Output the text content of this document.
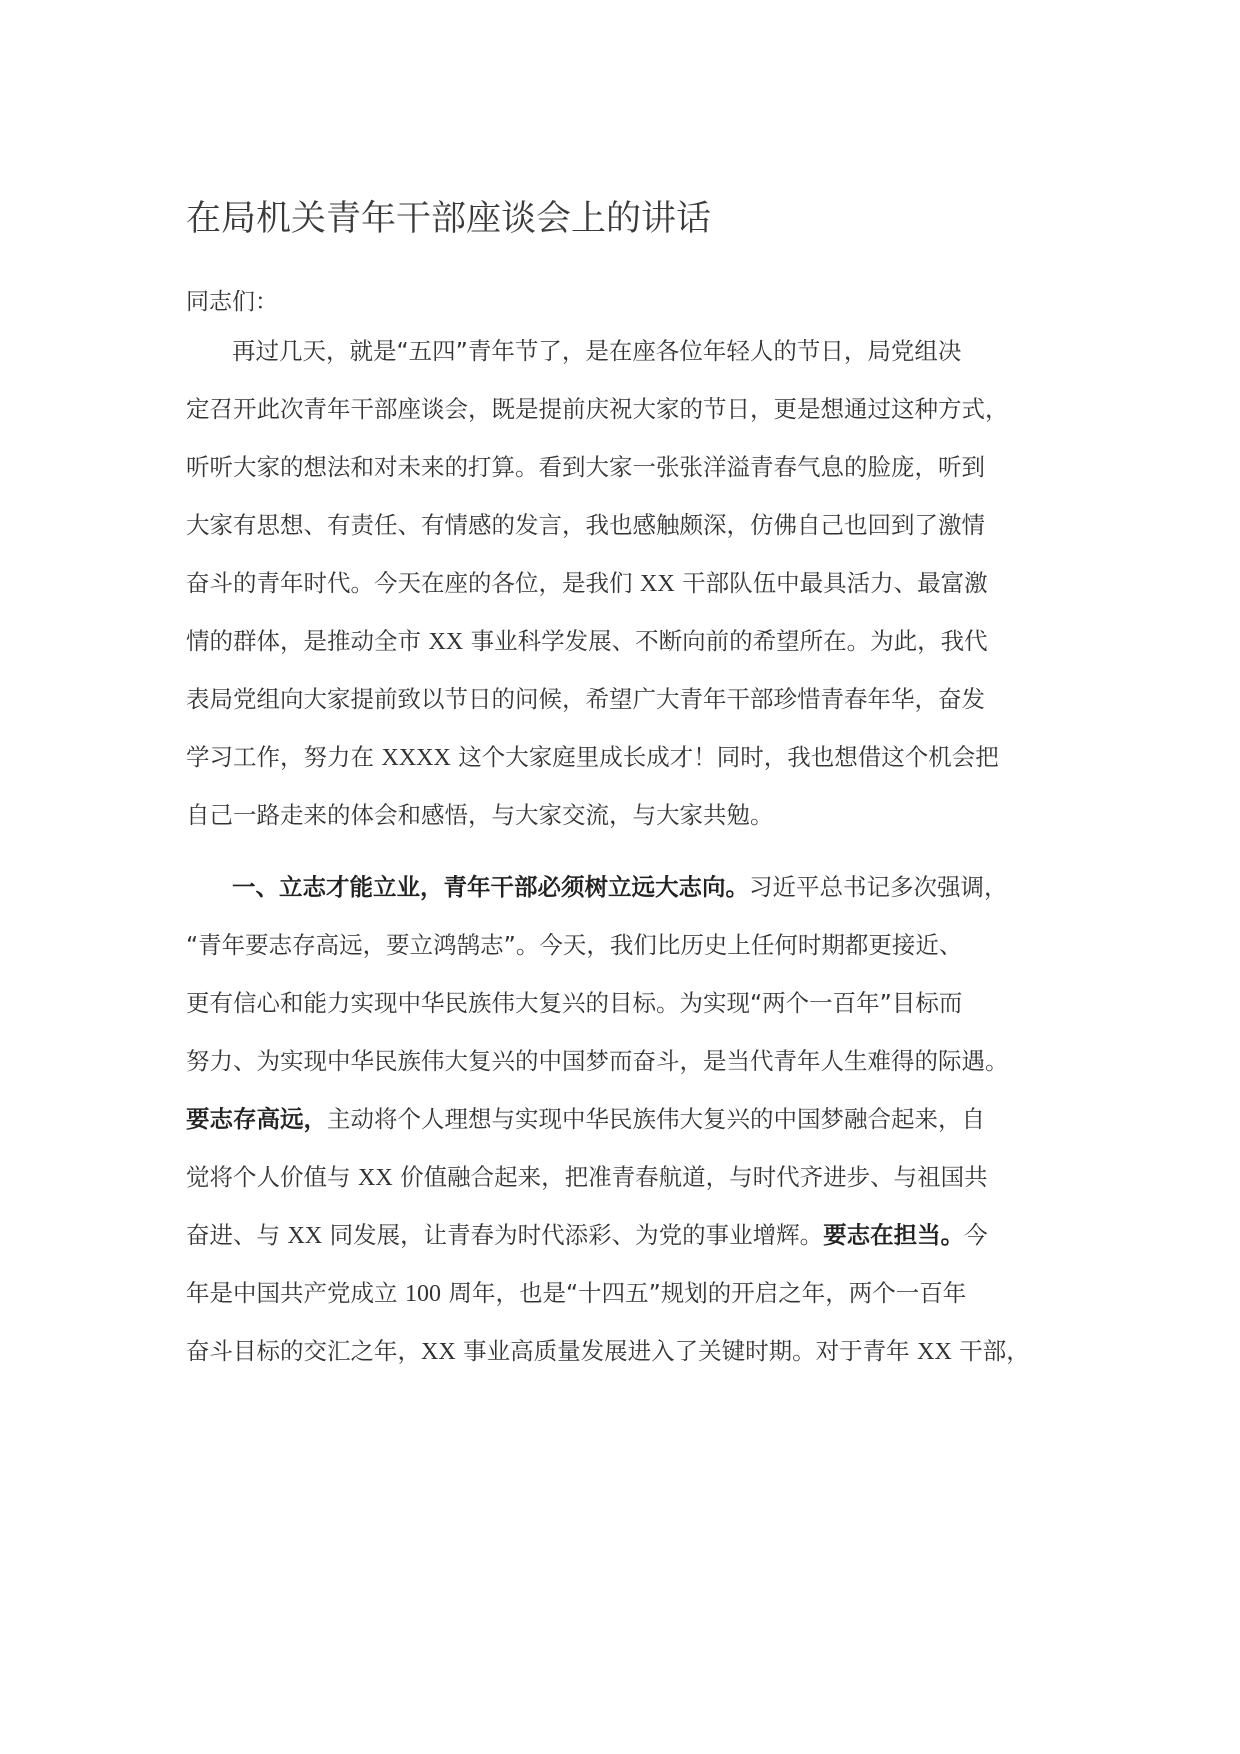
在局机关青年干部座谈会上的讲话

同志们：

再过几天，就是“五四”青年节了，是在座各位年轻人的节日，局党组决

定召开此次青年干部座谈会，既是提前庆祝大家的节日，更是想通过这种方式，

听听大家的想法和对未来的打算。看到大家一张张洋溢青春气息的脸庞，听到

大家有思想、有责任、有情感的发言，我也感触颇深，仿佛自己也回到了激情

奋斗的青年时代。今天在座的各位，是我们 XX 干部队伍中最具活力、最富激

情的群体，是推动全市 XX 事业科学发展、不断向前的希望所在。为此，我代

表局党组向大家提前致以节日的问候，希望广大青年干部珍惜青春年华，奋发

学习工作，努力在 XXXX 这个大家庭里成长成才！同时，我也想借这个机会把

自己一路走来的体会和感悟，与大家交流，与大家共勉。

一、立志才能立业，青年干部必须树立远大志向。习近平总书记多次强调，

“青年要志存高远，要立鸿鹄志”。今天，我们比历史上任何时期都更接近、

更有信心和能力实现中华民族伟大复兴的目标。为实现“两个一百年”目标而

努力、为实现中华民族伟大复兴的中国梦而奋斗，是当代青年人生难得的际遇。

要志存高远，主动将个人理想与实现中华民族伟大复兴的中国梦融合起来，自

觉将个人价值与 XX 价值融合起来，把准青春航道，与时代齐进步、与祖国共

奋进、与 XX 同发展，让青春为时代添彩、为党的事业增辉。要志在担当。今

年是中国共产党成立 100 周年，也是“十四五”规划的开启之年，两个一百年

奋斗目标的交汇之年，XX 事业高质量发展进入了关键时期。对于青年 XX 干部，
